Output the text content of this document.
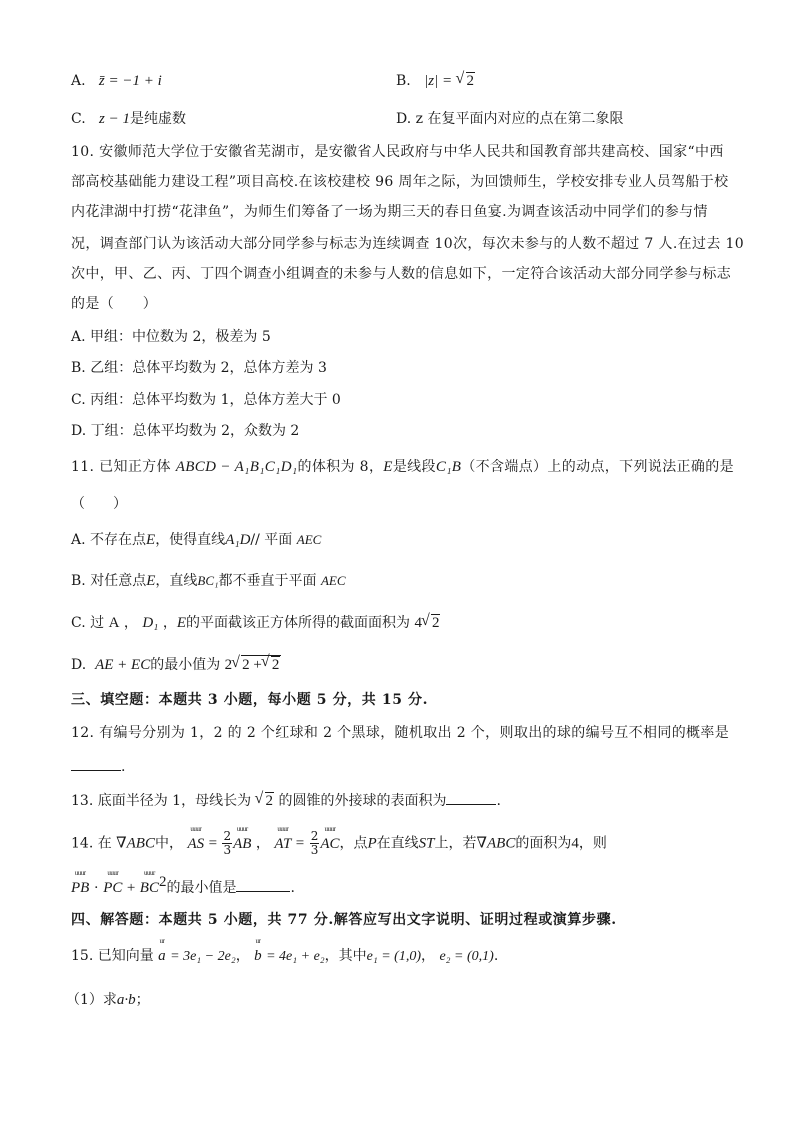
A. z̄ = −1 + i	B. |z| = √ 2
C. z − 1是纯虚数	D. z 在复平面内对应的点在第二象限
10. 安徽师范大学位于安徽省芜湖市，是安徽省人民政府与中华人民共和国教育部共建高校、国家“中西
部高校基础能力建设工程”项目高校.在该校建校 96 周年之际，为回馈师生，学校安排专业人员驾船于校
内花津湖中打捞“花津鱼”，为师生们筹备了一场为期三天的春日鱼宴.为调查该活动中同学们的参与情
况，调查部门认为该活动大部分同学参与标志为连续调查 10次，每次未参与的人数不超过 7 人.在过去 10
次中，甲、乙、丙、丁四个调查小组调查的未参与人数的信息如下，一定符合该活动大部分同学参与标志
的是（　　）
A. 甲组：中位数为 2，极差为 5
B. 乙组：总体平均数为 2，总体方差为 3
C. 丙组：总体平均数为 1，总体方差大于 0
D. 丁组：总体平均数为 2，众数为 2
11. 已知正方体 ABCD − A₁B₁C₁D₁的体积为 8，E是线段C₁B（不含端点）上的动点，下列说法正确的是
（　　）
A. 不存在点E，使得直线A₁D// 平面 AEC
B. 对任意点E，直线BC₁都不垂直于平面 AEC
C. 过 A ， D₁ ，E的平面截该正方体所得的截面面积为 4 √ 2
D. AE + EC的最小值为 2 √ 2 + √ 2
三、填空题：本题共 3 小题，每小题 5 分，共 15 分.
12. 有编号分别为 1，2 的 2 个红球和 2 个黑球，随机取出 2 个，则取出的球的编号互不相同的概率是
.
13. 底面半径为 1，母线长为 √ 2 的圆锥的外接球的表面积为	.
14. 在 ∇ABC中， uuur AS = $\frac{2}{3}$ uuur AB ， uuur AT = $\frac{2}{3}$ uuur AC，点P在直线ST上，若∇ABC的面积为4，则
uuur PB · uuur PC + uuur $BC^2$的最小值是	.
四、解答题：本题共 5 小题，共 77 分.解答应写出文字说明、证明过程或演算步骤.
15. 已知向量 ur a = 3e₁ − 2e₂， ur b = 4e₁ + e₂，其中e₁ = (1,0)， e₂ = (0,1).
（1）求a·b；
